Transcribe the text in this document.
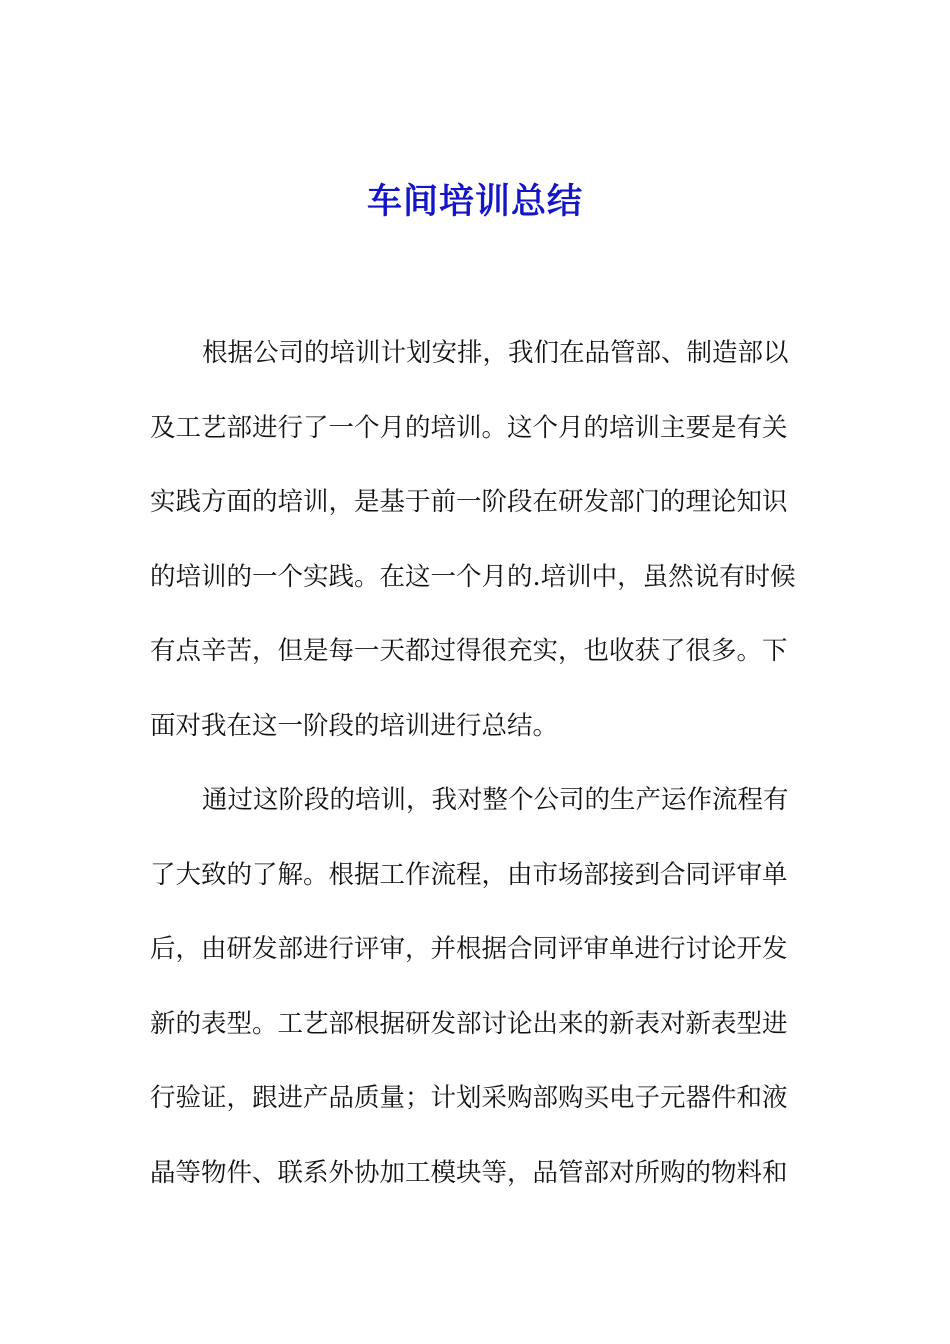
车间培训总结
根据公司的培训计划安排，我们在品管部、制造部以
及工艺部进行了一个月的培训。这个月的培训主要是有关
实践方面的培训，是基于前一阶段在研发部门的理论知识
的培训的一个实践。在这一个月的.培训中，虽然说有时候
有点辛苦，但是每一天都过得很充实，也收获了很多。下
面对我在这一阶段的培训进行总结。
通过这阶段的培训，我对整个公司的生产运作流程有
了大致的了解。根据工作流程，由市场部接到合同评审单
后，由研发部进行评审，并根据合同评审单进行讨论开发
新的表型。工艺部根据研发部讨论出来的新表对新表型进
行验证，跟进产品质量；计划采购部购买电子元器件和液
晶等物件、联系外协加工模块等，品管部对所购的物料和
